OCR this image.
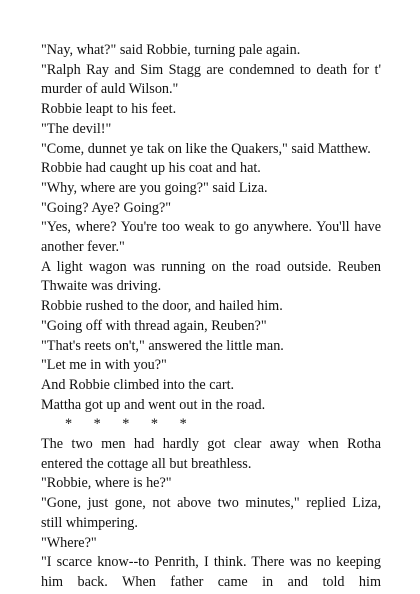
"Nay, what?" said Robbie, turning pale again.

"Ralph Ray and Sim Stagg are condemned to death for t' murder of auld Wilson."

Robbie leapt to his feet.

"The devil!"

"Come, dunnet ye tak on like the Quakers," said Matthew.

Robbie had caught up his coat and hat.

"Why, where are you going?" said Liza.

"Going? Aye? Going?"

"Yes, where? You're too weak to go anywhere. You'll have another fever."

A light wagon was running on the road outside. Reuben Thwaite was driving.

Robbie rushed to the door, and hailed him.

"Going off with thread again, Reuben?"

"That's reets on't," answered the little man.

"Let me in with you?"

And Robbie climbed into the cart.

Mattha got up and went out in the road.

* * * * *

The two men had hardly got clear away when Rotha entered the cottage all but breathless.

"Robbie, where is he?"

"Gone, just gone, not above two minutes," replied Liza, still whimpering.

"Where?"

"I scarce know--to Penrith, I think. There was no keeping him back. When father came in and told him
